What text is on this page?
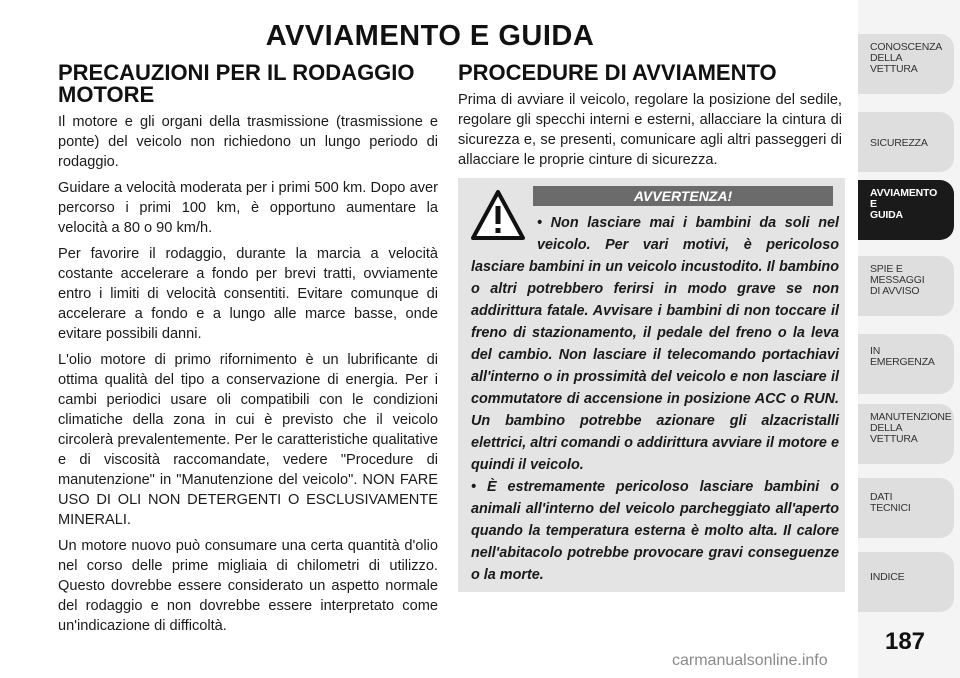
AVVIAMENTO E GUIDA
PRECAUZIONI PER IL RODAGGIO MOTORE

Il motore e gli organi della trasmissione (trasmissione e ponte) del veicolo non richiedono un lungo periodo di rodaggio.

Guidare a velocità moderata per i primi 500 km. Dopo aver percorso i primi 100 km, è opportuno aumentare la velocità a 80 o 90 km/h.

Per favorire il rodaggio, durante la marcia a velocità costante accelerare a fondo per brevi tratti, ovviamente entro i limiti di velocità consentiti. Evitare comunque di accelerare a fondo e a lungo alle marce basse, onde evitare possibili danni.

L'olio motore di primo rifornimento è un lubrificante di ottima qualità del tipo a conservazione di energia. Per i cambi periodici usare oli compatibili con le condizioni climatiche della zona in cui è previsto che il veicolo circolerà prevalentemente. Per le caratteristiche qualitative e di viscosità raccomandate, vedere "Procedure di manutenzione" in "Manutenzione del veicolo". NON FARE USO DI OLI NON DETERGENTI O ESCLUSIVAMENTE MINERALI.

Un motore nuovo può consumare una certa quantità d'olio nel corso delle prime migliaia di chilometri di utilizzo. Questo dovrebbe essere considerato un aspetto normale del rodaggio e non dovrebbe essere interpretato come un'indicazione di difficoltà.

PROCEDURE DI AVVIAMENTO

Prima di avviare il veicolo, regolare la posizione del sedile, regolare gli specchi interni e esterni, allacciare la cintura di sicurezza e, se presenti, comunicare agli altri passeggeri di allacciare le proprie cinture di sicurezza.

AVVERTENZA!

• Non lasciare mai i bambini da soli nel veicolo. Per vari motivi, è pericoloso lasciare bambini in un veicolo incustodito. Il bambino o altri potrebbero ferirsi in modo grave se non addirittura fatale. Avvisare i bambini di non toccare il freno di stazionamento, il pedale del freno o la leva del cambio. Non lasciare il telecomando portachiavi all'interno o in prossimità del veicolo e non lasciare il commutatore di accensione in posizione ACC o RUN. Un bambino potrebbe azionare gli alzacristalli elettrici, altri comandi o addirittura avviare il motore e quindi il veicolo.

• È estremamente pericoloso lasciare bambini o animali all'interno del veicolo parcheggiato all'aperto quando la temperatura esterna è molto alta. Il calore nell'abitacolo potrebbe provocare gravi conseguenze o la morte.

CONOSCENZA
DELLA
VETTURA
SICUREZZA
AVVIAMENTO
E
GUIDA
SPIE E
MESSAGGI
DI AVVISO
IN
EMERGENZA
MANUTENZIONE
DELLA
VETTURA
DATI
TECNICI
INDICE
187
carmanualsonline.info
